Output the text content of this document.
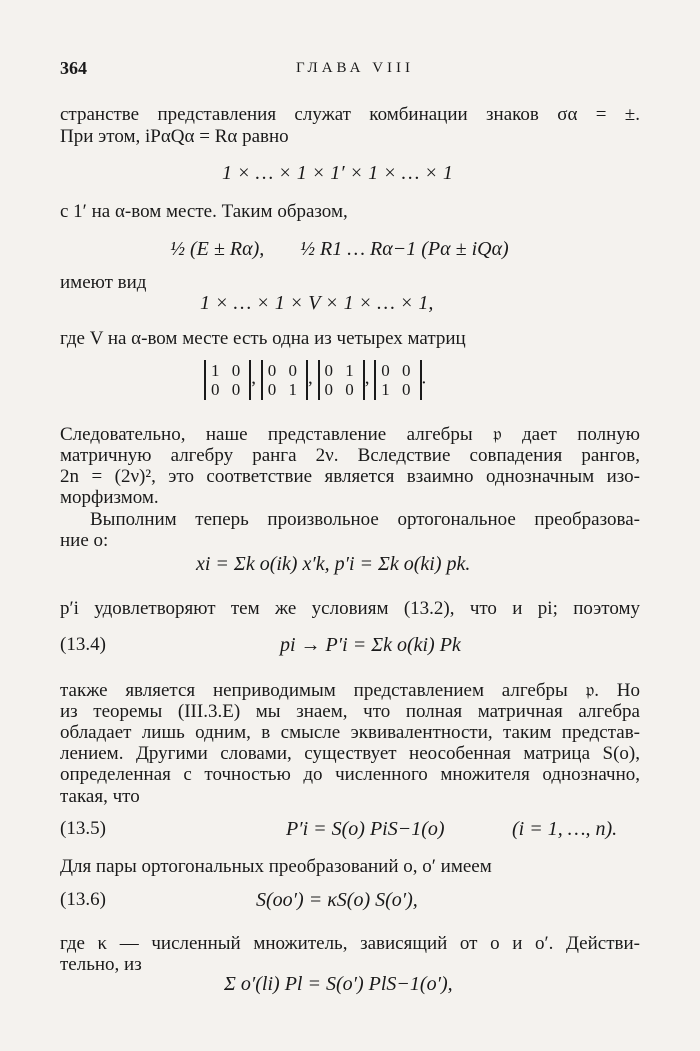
364	ГЛАВА VIII
странстве представления служат комбинации знаков σα = ±.
При этом, iPαQα = Rα равно
1 × … × 1 × 1′ × 1 × … × 1
с 1′ на α-вом месте. Таким образом,
½ (E ± Rα), ½ R1 … Rα−1 (Pα ± iQα)
имеют вид
1 × … × 1 × V × 1 × … × 1,
где V на α-вом месте есть одна из четырех матриц
1 0
0 0
, 0 0
0 1
, 0 1
0 0
, 0 0
1 0
.
Следовательно, наше представление алгебры 𝔭 дает полную
матричную алгебру ранга 2ν. Вследствие совпадения рангов,
2n = (2ν)², это соответствие является взаимно однозначным изо-
морфизмом.
Выполним теперь произвольное ортогональное преобразова-
ние o:
xi = Σk o(ik) x′k, p′i = Σk o(ki) pk.
p′i удовлетворяют тем же условиям (13.2), что и pi; поэтому
(13.4)	pi → P′i = Σk o(ki) Pk
также является неприводимым представлением алгебры 𝔭. Но
из теоремы (III.3.E) мы знаем, что полная матричная алгебра
обладает лишь одним, в смысле эквивалентности, таким представ-
лением. Другими словами, существует неособенная матрица S(o),
определенная с точностью до численного множителя однозначно,
такая, что
(13.5)	P′i = S(o) PiS−1(o)	(i = 1, …, n).
Для пары ортогональных преобразований o, o′ имеем
(13.6)	S(oo′) = κS(o) S(o′),
где κ — численный множитель, зависящий от o и o′. Действи-
тельно, из
Σ o′(li) Pl = S(o′) PlS−1(o′),
